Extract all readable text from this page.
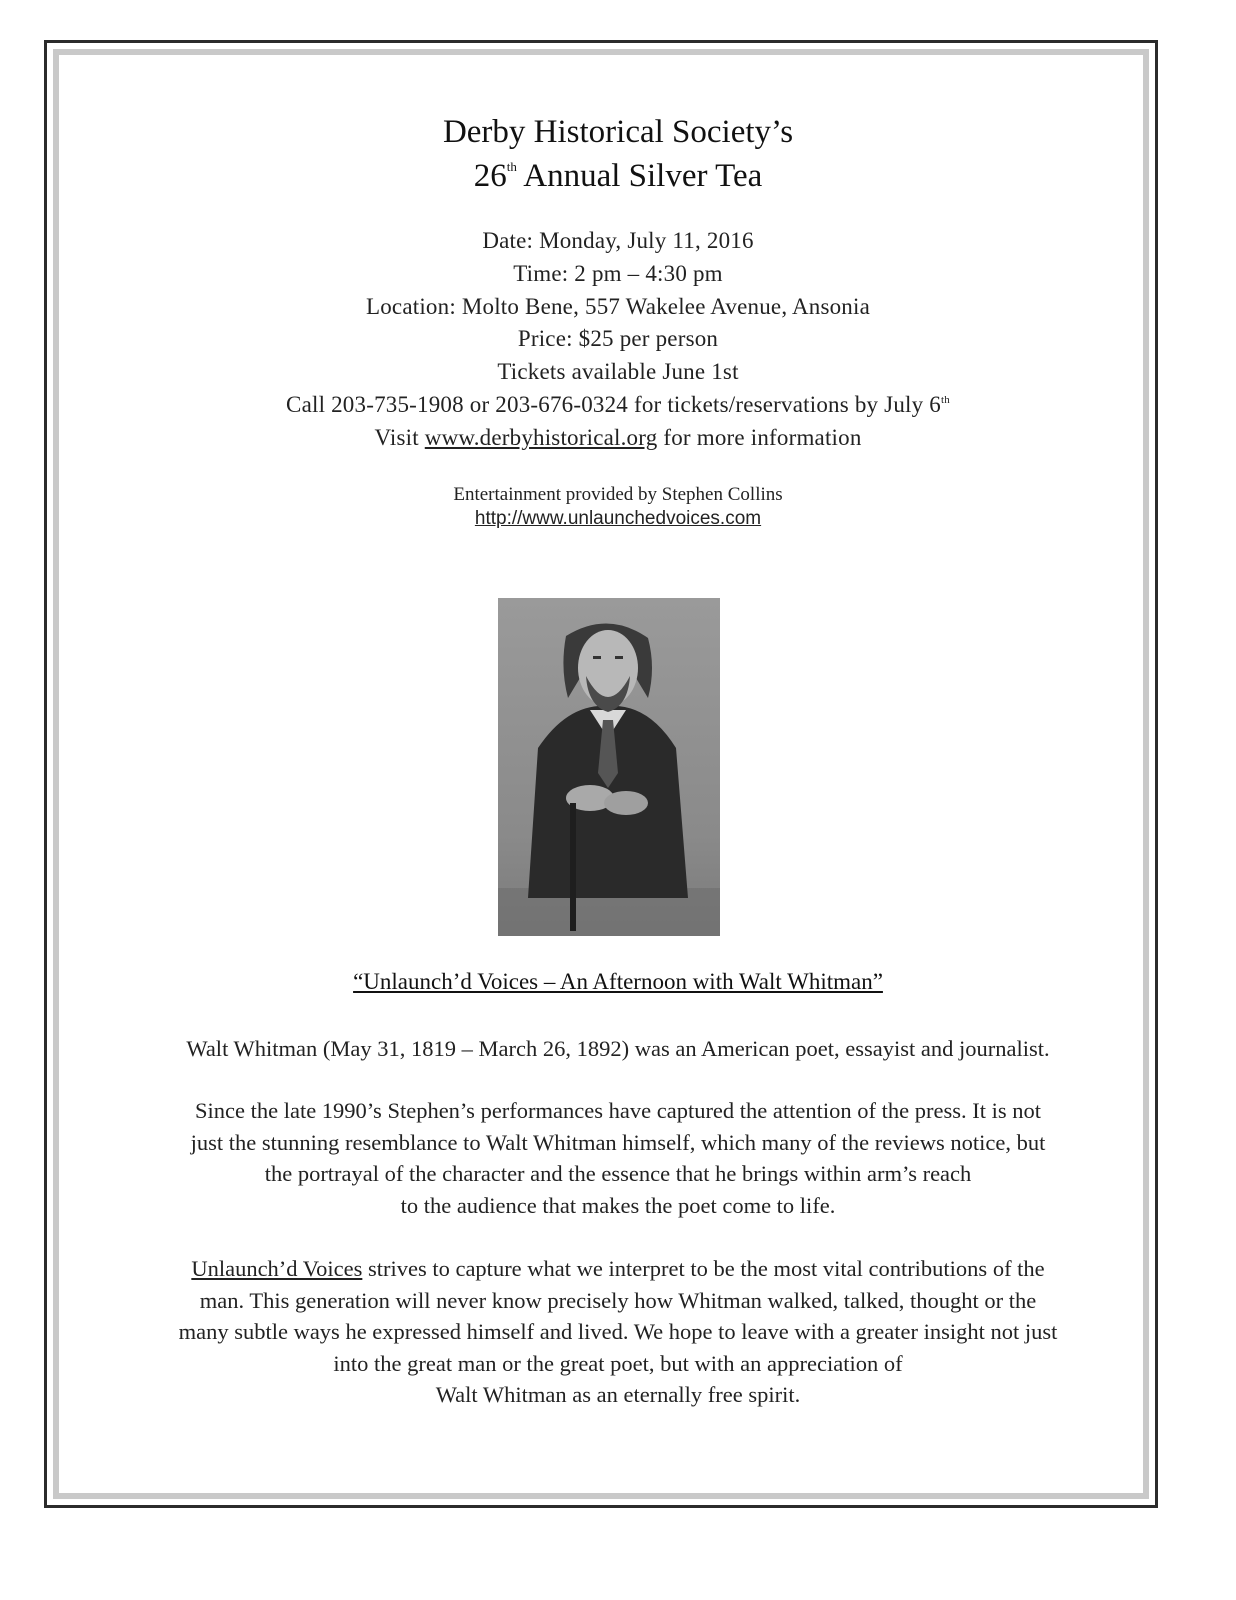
Derby Historical Society’s
26th Annual Silver Tea
Date: Monday, July 11, 2016
Time: 2 pm – 4:30 pm
Location: Molto Bene, 557 Wakelee Avenue, Ansonia
Price: $25 per person
Tickets available June 1st
Call 203-735-1908 or 203-676-0324 for tickets/reservations by July 6th
Visit www.derbyhistorical.org for more information
Entertainment provided by Stephen Collins
http://www.unlaunchedvoices.com
“Unlaunch’d Voices – An Afternoon with Walt Whitman”
Walt Whitman (May 31, 1819 – March 26, 1892) was an American poet, essayist and journalist.
Since the late 1990’s Stephen’s performances have captured the attention of the press. It is not
just the stunning resemblance to Walt Whitman himself, which many of the reviews notice, but
the portrayal of the character and the essence that he brings within arm’s reach
to the audience that makes the poet come to life.
Unlaunch’d Voices strives to capture what we interpret to be the most vital contributions of the
man. This generation will never know precisely how Whitman walked, talked, thought or the
many subtle ways he expressed himself and lived. We hope to leave with a greater insight not just
into the great man or the great poet, but with an appreciation of
Walt Whitman as an eternally free spirit.
